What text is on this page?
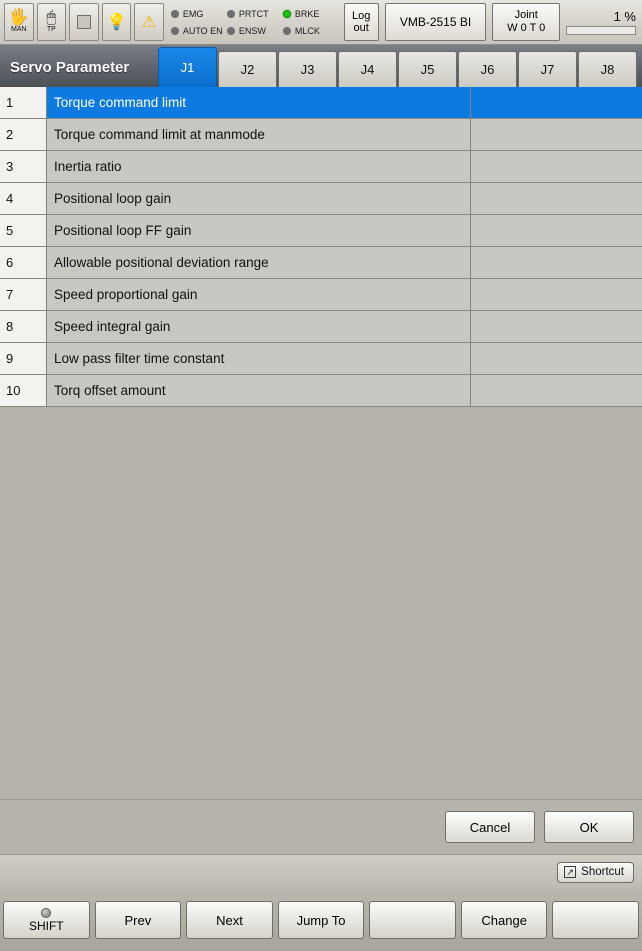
🖐
MAN
🖱
TP	💡 ⚠	EMG	PRTCT	BRKE
AUTO EN ENSW	MLCK
Log
out	VMB-2515 BI	Joint
W 0 T 0
1 %
Servo Parameter	J1	J2	J3	J4	J5	J6	J7	J8
1	Torque command limit
2	Torque command limit at manmode
3	Inertia ratio
4	Positional loop gain
5	Positional loop FF gain
6	Allowable positional deviation range
7	Speed proportional gain
8	Speed integral gain
9	Low pass filter time constant
10	Torq offset amount
Cancel	OK
↗ Shortcut
SHIFT	Prev	Next	Jump To	Change
